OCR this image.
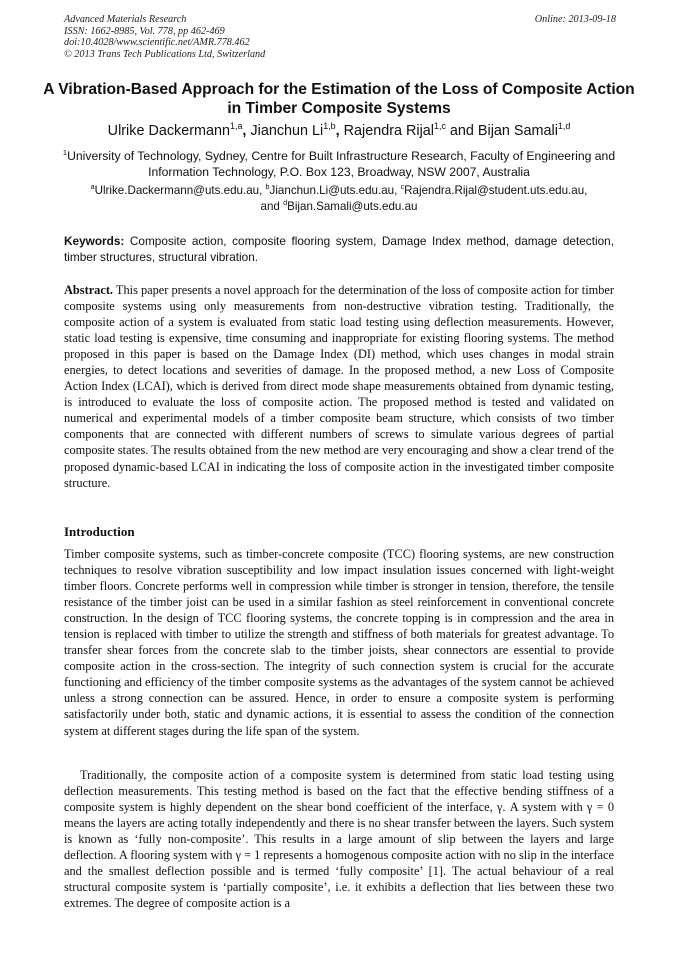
Advanced Materials Research
ISSN: 1662-8985, Vol. 778, pp 462-469
doi:10.4028/www.scientific.net/AMR.778.462
© 2013 Trans Tech Publications Ltd, Switzerland
Online: 2013-09-18
A Vibration-Based Approach for the Estimation of the Loss of Composite Action in Timber Composite Systems
Ulrike Dackermann$^{1,a}$, Jianchun Li$^{1,b}$, Rajendra Rijal$^{1,c}$ and Bijan Samali$^{1,d}$
$^1$University of Technology, Sydney, Centre for Built Infrastructure Research, Faculty of Engineering and Information Technology, P.O. Box 123, Broadway, NSW 2007, Australia
$^a$Ulrike.Dackermann@uts.edu.au, $^b$Jianchun.Li@uts.edu.au, $^c$Rajendra.Rijal@student.uts.edu.au,
and $^d$Bijan.Samali@uts.edu.au
Keywords: Composite action, composite flooring system, Damage Index method, damage detection, timber structures, structural vibration.
Abstract. This paper presents a novel approach for the determination of the loss of composite action for timber composite systems using only measurements from non-destructive vibration testing. Traditionally, the composite action of a system is evaluated from static load testing using deflection measurements. However, static load testing is expensive, time consuming and inappropriate for existing flooring systems. The method proposed in this paper is based on the Damage Index (DI) method, which uses changes in modal strain energies, to detect locations and severities of damage. In the proposed method, a new Loss of Composite Action Index (LCAI), which is derived from direct mode shape measurements obtained from dynamic testing, is introduced to evaluate the loss of composite action. The proposed method is tested and validated on numerical and experimental models of a timber composite beam structure, which consists of two timber components that are connected with different numbers of screws to simulate various degrees of partial composite states. The results obtained from the new method are very encouraging and show a clear trend of the proposed dynamic-based LCAI in indicating the loss of composite action in the investigated timber composite structure.
Introduction
Timber composite systems, such as timber-concrete composite (TCC) flooring systems, are new construction techniques to resolve vibration susceptibility and low impact insulation issues concerned with light-weight timber floors. Concrete performs well in compression while timber is stronger in tension, therefore, the tensile resistance of the timber joist can be used in a similar fashion as steel reinforcement in conventional concrete construction. In the design of TCC flooring systems, the concrete topping is in compression and the area in tension is replaced with timber to utilize the strength and stiffness of both materials for greatest advantage. To transfer shear forces from the concrete slab to the timber joists, shear connectors are essential to provide composite action in the cross-section. The integrity of such connection system is crucial for the accurate functioning and efficiency of the timber composite systems as the advantages of the system cannot be achieved unless a strong connection can be assured. Hence, in order to ensure a composite system is performing satisfactorily under both, static and dynamic actions, it is essential to assess the condition of the connection system at different stages during the life span of the system.
Traditionally, the composite action of a composite system is determined from static load testing using deflection measurements. This testing method is based on the fact that the effective bending stiffness of a composite system is highly dependent on the shear bond coefficient of the interface, γ. A system with γ = 0 means the layers are acting totally independently and there is no shear transfer between the layers. Such system is known as ‘fully non-composite’. This results in a large amount of slip between the layers and large deflection. A flooring system with γ = 1 represents a homogenous composite action with no slip in the interface and the smallest deflection possible and is termed ‘fully composite’ [1]. The actual behaviour of a real structural composite system is ‘partially composite’, i.e. it exhibits a deflection that lies between these two extremes. The degree of composite action is a
